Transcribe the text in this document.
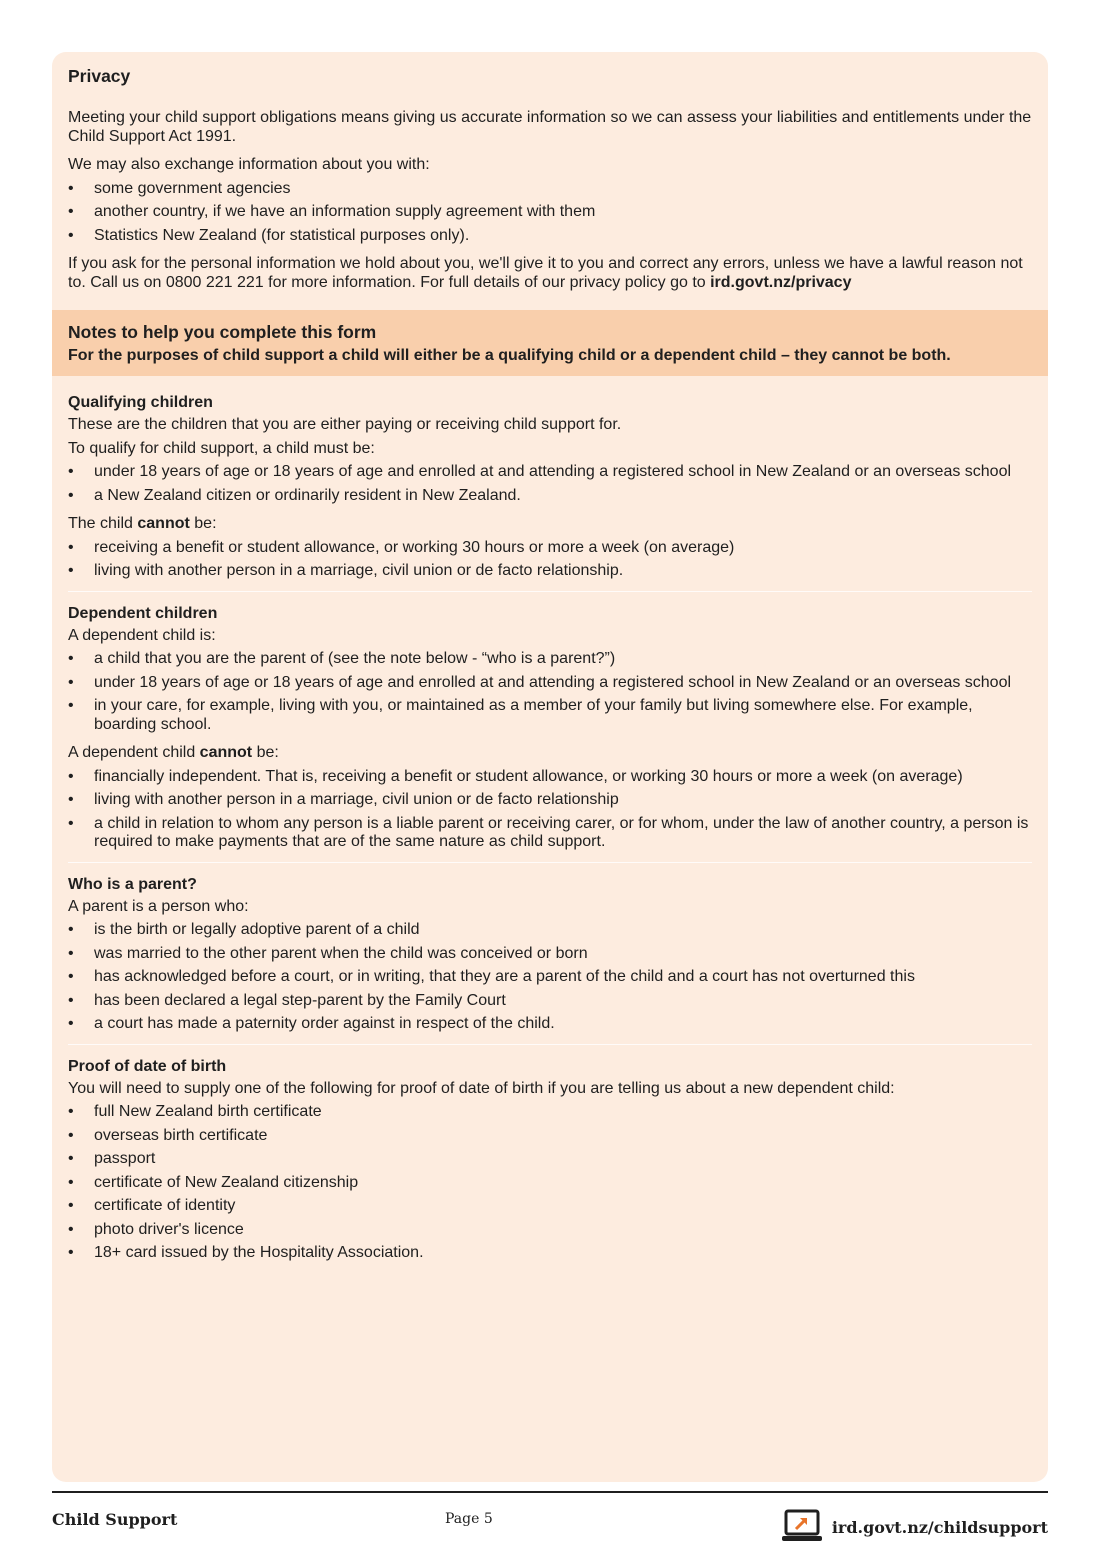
Privacy

Meeting your child support obligations means giving us accurate information so we can assess your liabilities and entitlements under the Child Support Act 1991.

We may also exchange information about you with:

• some government agencies
• another country, if we have an information supply agreement with them
• Statistics New Zealand (for statistical purposes only).

If you ask for the personal information we hold about you, we'll give it to you and correct any errors, unless we have a lawful reason not to. Call us on 0800 221 221 for more information. For full details of our privacy policy go to ird.govt.nz/privacy

Notes to help you complete this form
For the purposes of child support a child will either be a qualifying child or a dependent child – they cannot be both.
Qualifying children

These are the children that you are either paying or receiving child support for.

To qualify for child support, a child must be:

• under 18 years of age or 18 years of age and enrolled at and attending a registered school in New Zealand or an overseas school
• a New Zealand citizen or ordinarily resident in New Zealand.

The child cannot be:

• receiving a benefit or student allowance, or working 30 hours or more a week (on average)
• living with another person in a marriage, civil union or de facto relationship.
Dependent children

A dependent child is:

• a child that you are the parent of (see the note below - “who is a parent?”)
• under 18 years of age or 18 years of age and enrolled at and attending a registered school in New Zealand or an overseas school
• in your care, for example, living with you, or maintained as a member of your family but living somewhere else. For example, boarding school.

A dependent child cannot be:

• financially independent. That is, receiving a benefit or student allowance, or working 30 hours or more a week (on average)
• living with another person in a marriage, civil union or de facto relationship
• a child in relation to whom any person is a liable parent or receiving carer, or for whom, under the law of another country, a person is required to make payments that are of the same nature as child support.
Who is a parent?

A parent is a person who:

• is the birth or legally adoptive parent of a child
• was married to the other parent when the child was conceived or born
• has acknowledged before a court, or in writing, that they are a parent of the child and a court has not overturned this
• has been declared a legal step-parent by the Family Court
• a court has made a paternity order against in respect of the child.
Proof of date of birth

You will need to supply one of the following for proof of date of birth if you are telling us about a new dependent child:

• full New Zealand birth certificate
• overseas birth certificate
• passport
• certificate of New Zealand citizenship
• certificate of identity
• photo driver's licence
• 18+ card issued by the Hospitality Association.
Child Support	Page 5	ird.govt.nz/childsupport
